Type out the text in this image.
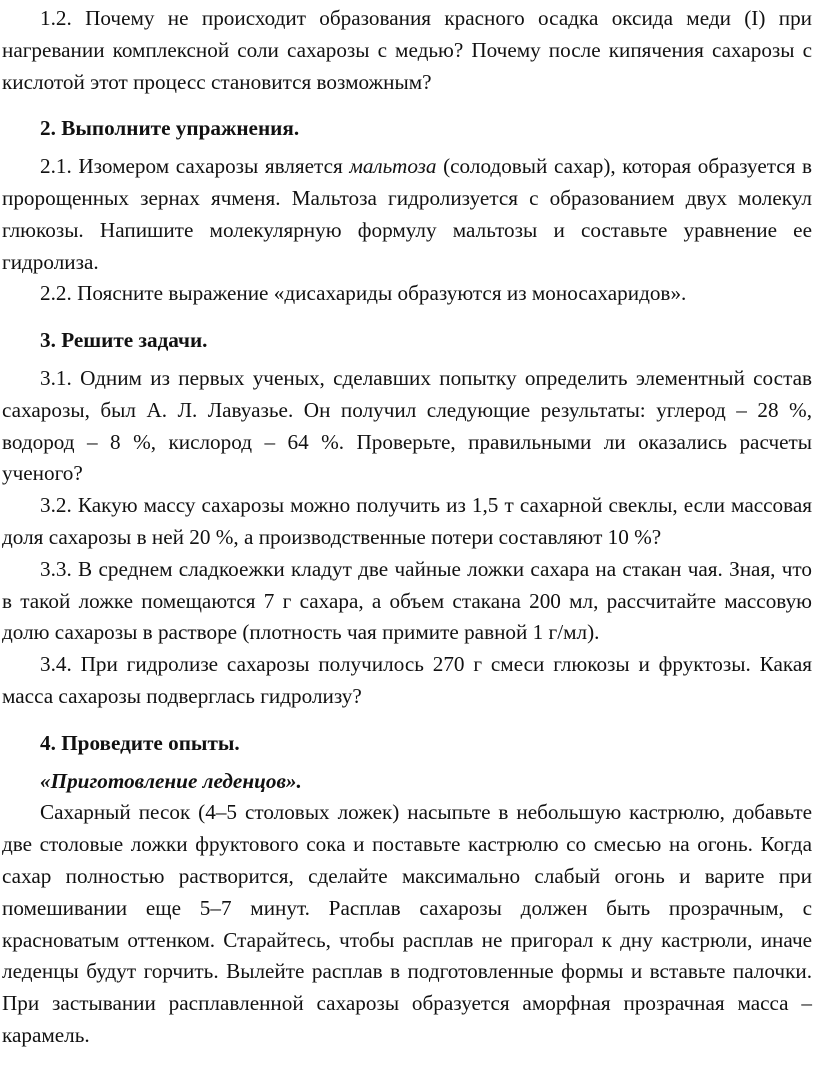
1.2. Почему не происходит образования красного осадка оксида меди (I) при нагревании комплексной соли сахарозы с медью? Почему после кипячения сахарозы с кислотой этот процесс становится возможным?

2. Выполните упражнения.

2.1. Изомером сахарозы является мальтоза (солодовый сахар), которая образуется в пророщенных зернах ячменя. Мальтоза гидролизуется с образованием двух молекул глюкозы. Напишите молекулярную формулу мальтозы и составьте уравнение ее гидролиза.

2.2. Поясните выражение «дисахариды образуются из моносахаридов».

3. Решите задачи.

3.1. Одним из первых ученых, сделавших попытку определить элементный состав сахарозы, был А. Л. Лавуазье. Он получил следующие результаты: углерод – 28 %, водород – 8 %, кислород – 64 %. Проверьте, правильными ли оказались расчеты ученого?

3.2. Какую массу сахарозы можно получить из 1,5 т сахарной свеклы, если массовая доля сахарозы в ней 20 %, а производственные потери составляют 10 %?

3.3. В среднем сладкоежки кладут две чайные ложки сахара на стакан чая. Зная, что в такой ложке помещаются 7 г сахара, а объем стакана 200 мл, рассчитайте массовую долю сахарозы в растворе (плотность чая примите равной 1 г/мл).

3.4. При гидролизе сахарозы получилось 270 г смеси глюкозы и фруктозы. Какая масса сахарозы подверглась гидролизу?

4. Проведите опыты.

«Приготовление леденцов».

Сахарный песок (4–5 столовых ложек) насыпьте в небольшую кастрюлю, добавьте две столовые ложки фруктового сока и поставьте кастрюлю со смесью на огонь. Когда сахар полностью растворится, сделайте максимально слабый огонь и варите при помешивании еще 5–7 минут. Расплав сахарозы должен быть прозрачным, с красноватым оттенком. Старайтесь, чтобы расплав не пригорал к дну кастрюли, иначе леденцы будут горчить. Вылейте расплав в подготовленные формы и вставьте палочки. При застывании расплавленной сахарозы образуется аморфная прозрачная масса – карамель.
